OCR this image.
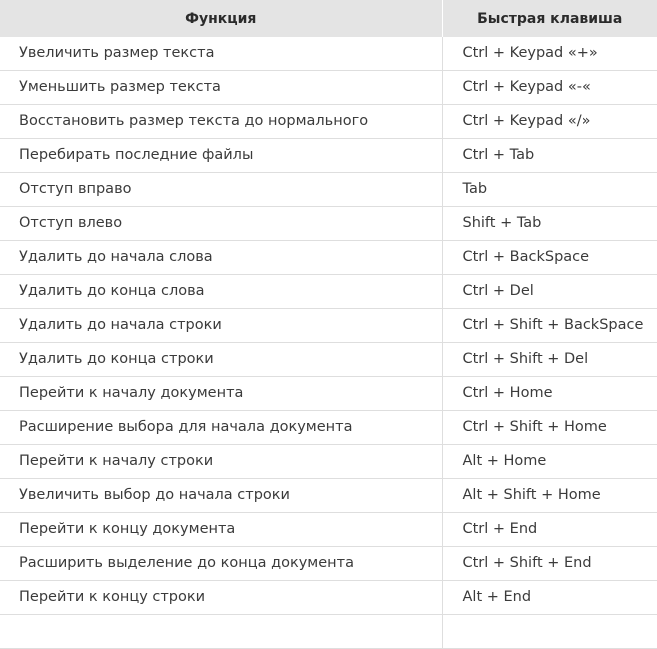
Функция	Быстрая клавиша
Увеличить размер текста	Ctrl + Keypad «+»
Уменьшить размер текста	Ctrl + Keypad «-«
Восстановить размер текста до нормального	Ctrl + Keypad «/»
Перебирать последние файлы	Ctrl + Tab
Отступ вправо	Tab
Отступ влево	Shift + Tab
Удалить до начала слова	Ctrl + BackSpace
Удалить до конца слова	Ctrl + Del
Удалить до начала строки	Ctrl + Shift + BackSpace
Удалить до конца строки	Ctrl + Shift + Del
Перейти к началу документа	Ctrl + Home
Расширение выбора для начала документа	Ctrl + Shift + Home
Перейти к началу строки	Alt + Home
Увеличить выбор до начала строки	Alt + Shift + Home
Перейти к концу документа	Ctrl + End
Расширить выделение до конца документа	Ctrl + Shift + End
Перейти к концу строки	Alt + End
